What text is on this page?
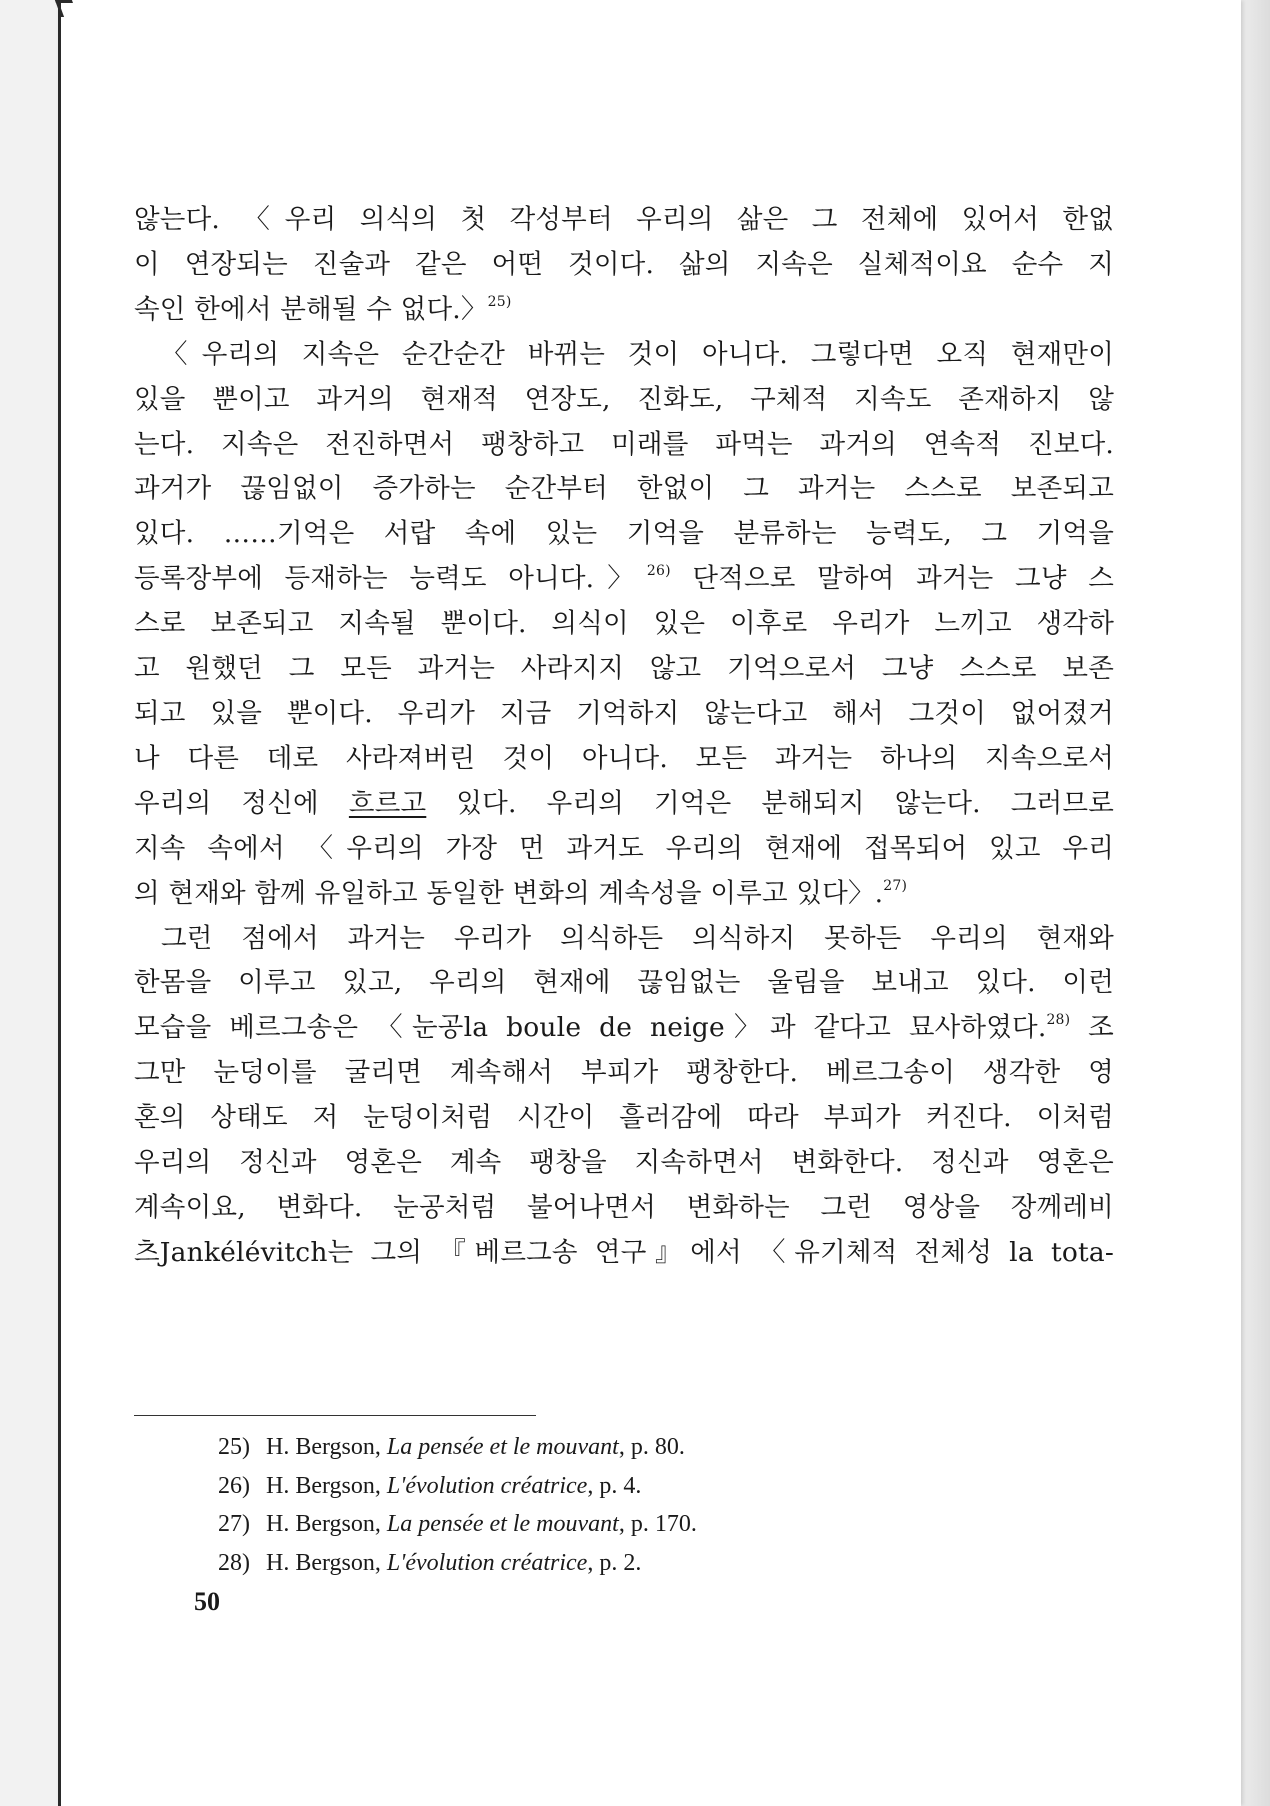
않는다. 〈우리 의식의 첫 각성부터 우리의 삶은 그 전체에 있어서 한없
이 연장되는 진술과 같은 어떤 것이다. 삶의 지속은 실체적이요 순수 지
속인 한에서 분해될 수 없다.〉$^{25)}$

〈우리의 지속은 순간순간 바뀌는 것이 아니다. 그렇다면 오직 현재만이
있을 뿐이고 과거의 현재적 연장도, 진화도, 구체적 지속도 존재하지 않
는다. 지속은 전진하면서 팽창하고 미래를 파먹는 과거의 연속적 진보다.
과거가 끊임없이 증가하는 순간부터 한없이 그 과거는 스스로 보존되고
있다. ……기억은 서랍 속에 있는 기억을 분류하는 능력도, 그 기억을
등록장부에 등재하는 능력도 아니다.〉$^{26)}$ 단적으로 말하여 과거는 그냥 스
스로 보존되고 지속될 뿐이다. 의식이 있은 이후로 우리가 느끼고 생각하
고 원했던 그 모든 과거는 사라지지 않고 기억으로서 그냥 스스로 보존
되고 있을 뿐이다. 우리가 지금 기억하지 않는다고 해서 그것이 없어졌거
나 다른 데로 사라져버린 것이 아니다. 모든 과거는 하나의 지속으로서
우리의 정신에 흐르고 있다. 우리의 기억은 분해되지 않는다. 그러므로
지속 속에서 〈우리의 가장 먼 과거도 우리의 현재에 접목되어 있고 우리
의 현재와 함께 유일하고 동일한 변화의 계속성을 이루고 있다〉.$^{27)}$

그런 점에서 과거는 우리가 의식하든 의식하지 못하든 우리의 현재와
한몸을 이루고 있고, 우리의 현재에 끊임없는 울림을 보내고 있다. 이런
모습을 베르그송은 〈눈공la boule de neige〉과 같다고 묘사하였다.$^{28)}$ 조
그만 눈덩이를 굴리면 계속해서 부피가 팽창한다. 베르그송이 생각한 영
혼의 상태도 저 눈덩이처럼 시간이 흘러감에 따라 부피가 커진다. 이처럼
우리의 정신과 영혼은 계속 팽창을 지속하면서 변화한다. 정신과 영혼은
계속이요, 변화다. 눈공처럼 불어나면서 변화하는 그런 영상을 장께레비
츠Jankélévitch는 그의 『베르그송 연구』에서 〈유기체적 전체성 la tota-

25) H. Bergson, La pensée et le mouvant, p. 80.
26) H. Bergson, L'évolution créatrice, p. 4.
27) H. Bergson, La pensée et le mouvant, p. 170.
28) H. Bergson, L'évolution créatrice, p. 2.
50
